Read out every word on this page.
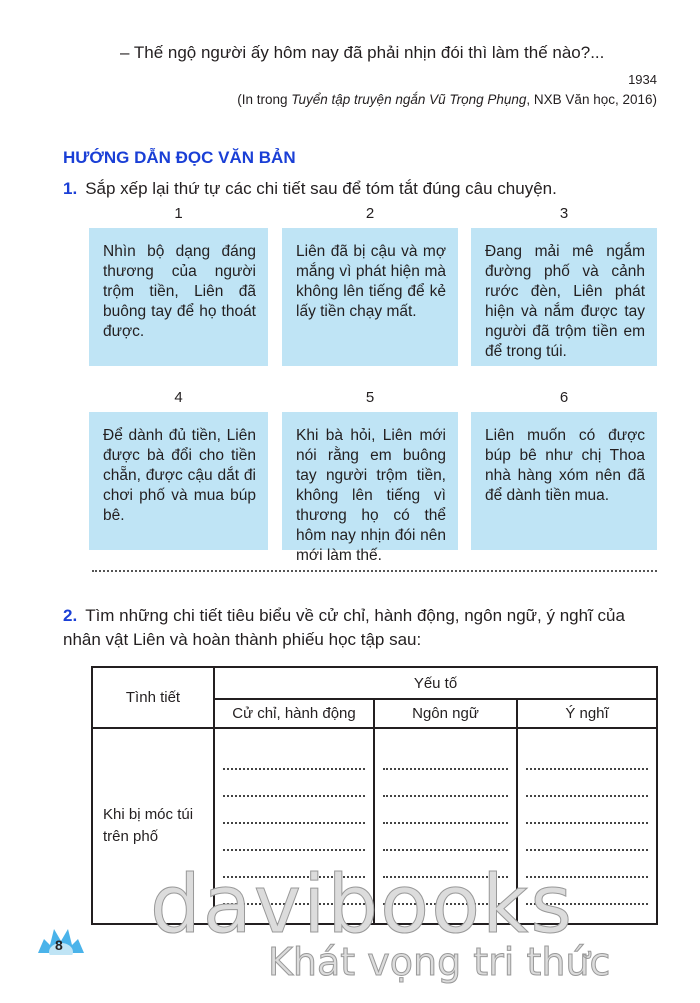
– Thế ngộ người ấy hôm nay đã phải nhịn đói thì làm thế nào?...
1934
(In trong Tuyển tập truyện ngắn Vũ Trọng Phụng, NXB Văn học, 2016)
HƯỚNG DẪN ĐỌC VĂN BẢN
1. Sắp xếp lại thứ tự các chi tiết sau để tóm tắt đúng câu chuyện.
1
Nhìn bộ dạng đáng thương của người trộm tiền, Liên đã buông tay để họ thoát được.
2
Liên đã bị cậu và mợ mắng vì phát hiện mà không lên tiếng để kẻ lấy tiền chạy mất.
3
Đang mải mê ngắm đường phố và cảnh rước đèn, Liên phát hiện và nắm được tay người đã trộm tiền em để trong túi.
4
Để dành đủ tiền, Liên được bà đổi cho tiền chẵn, được cậu dắt đi chơi phố và mua búp bê.
5
Khi bà hỏi, Liên mới nói rằng em buông tay người trộm tiền, không lên tiếng vì thương họ có thể hôm nay nhịn đói nên mới làm thế.
6
Liên muốn có được búp bê như chị Thoa nhà hàng xóm nên đã để dành tiền mua.
2. Tìm những chi tiết tiêu biểu về cử chỉ, hành động, ngôn ngữ, ý nghĩ của nhân vật Liên và hoàn thành phiếu học tập sau:
Tình tiết	Yếu tố		
	Cử chỉ, hành động	Ngôn ngữ	Ý nghĩ
Khi bị móc túi trên phố	

8 davibooks
Khát vọng tri thức
